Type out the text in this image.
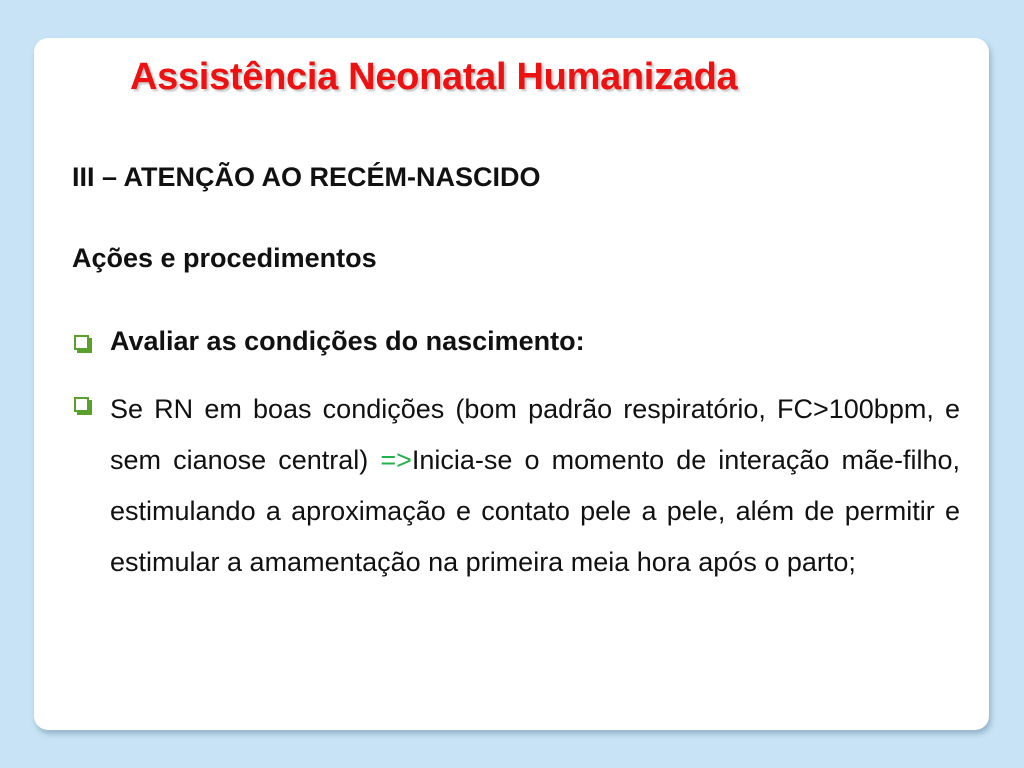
Assistência Neonatal Humanizada
III – ATENÇÃO AO RECÉM-NASCIDO
Ações e procedimentos
Avaliar as condições do nascimento:

Se RN em boas condições (bom padrão respiratório, FC>100bpm, e sem cianose central) =>Inicia-se o momento de interação mãe-filho, estimulando a aproximação e contato pele a pele, além de permitir e estimular a amamentação na primeira meia hora após o parto;
